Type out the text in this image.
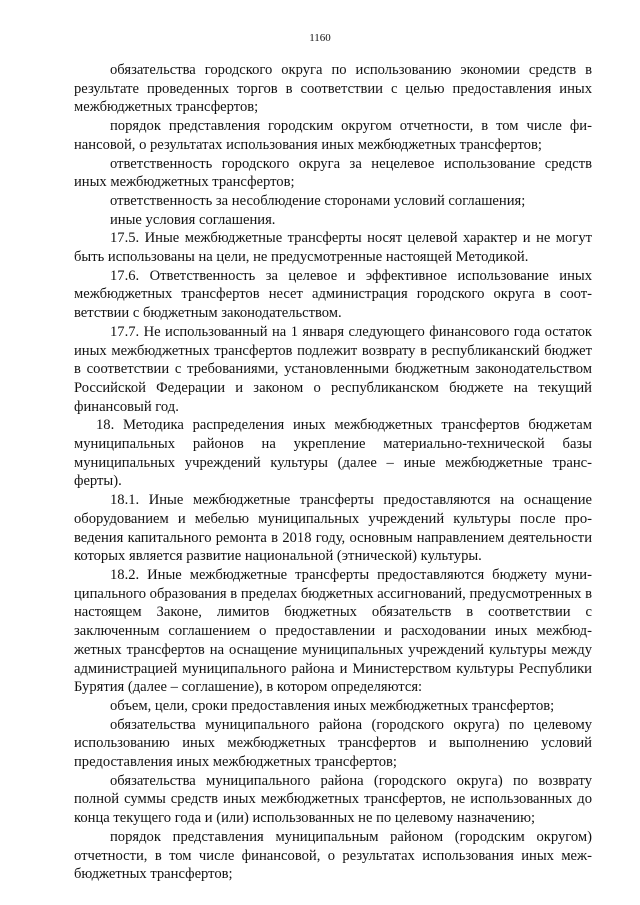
1160

обязательства городского округа по использованию экономии средств в результате проведенных торгов в соответствии с целью предоставления иных межбюджетных трансфертов;

порядок представления городским округом отчетности, в том числе финансовой, о результатах использования иных межбюджетных трансфертов;

ответственность городского округа за нецелевое использование средств иных межбюджетных трансфертов;

ответственность за несоблюдение сторонами условий соглашения;

иные условия соглашения.

17.5. Иные межбюджетные трансферты носят целевой характер и не могут быть использованы на цели, не предусмотренные настоящей Методикой.

17.6. Ответственность за целевое и эффективное использование иных межбюджетных трансфертов несет администрация городского округа в соответствии с бюджетным законодательством.

17.7. Не использованный на 1 января следующего финансового года остаток иных межбюджетных трансфертов подлежит возврату в республиканский бюджет в соответствии с требованиями, установленными бюджетным законодательством Российской Федерации и законом о республиканском бюджете на текущий финансовый год.

18. Методика распределения иных межбюджетных трансфертов бюджетам муниципальных районов на укрепление материально-технической базы муниципальных учреждений культуры (далее – иные межбюджетные трансферты).

18.1. Иные межбюджетные трансферты предоставляются на оснащение оборудованием и мебелью муниципальных учреждений культуры после проведения капитального ремонта в 2018 году, основным направлением деятельности которых является развитие национальной (этнической) культуры.

18.2. Иные межбюджетные трансферты предоставляются бюджету муниципального образования в пределах бюджетных ассигнований, предусмотренных в настоящем Законе, лимитов бюджетных обязательств в соответствии с заключенным соглашением о предоставлении и расходовании иных межбюджетных трансфертов на оснащение муниципальных учреждений культуры между администрацией муниципального района и Министерством культуры Республики Бурятия (далее – соглашение), в котором определяются:

объем, цели, сроки предоставления иных межбюджетных трансфертов;

обязательства муниципального района (городского округа) по целевому использованию иных межбюджетных трансфертов и выполнению условий предоставления иных межбюджетных трансфертов;

обязательства муниципального района (городского округа) по возврату полной суммы средств иных межбюджетных трансфертов, не использованных до конца текущего года и (или) использованных не по целевому назначению;

порядок представления муниципальным районом (городским округом) отчетности, в том числе финансовой, о результатах использования иных межбюджетных трансфертов;
